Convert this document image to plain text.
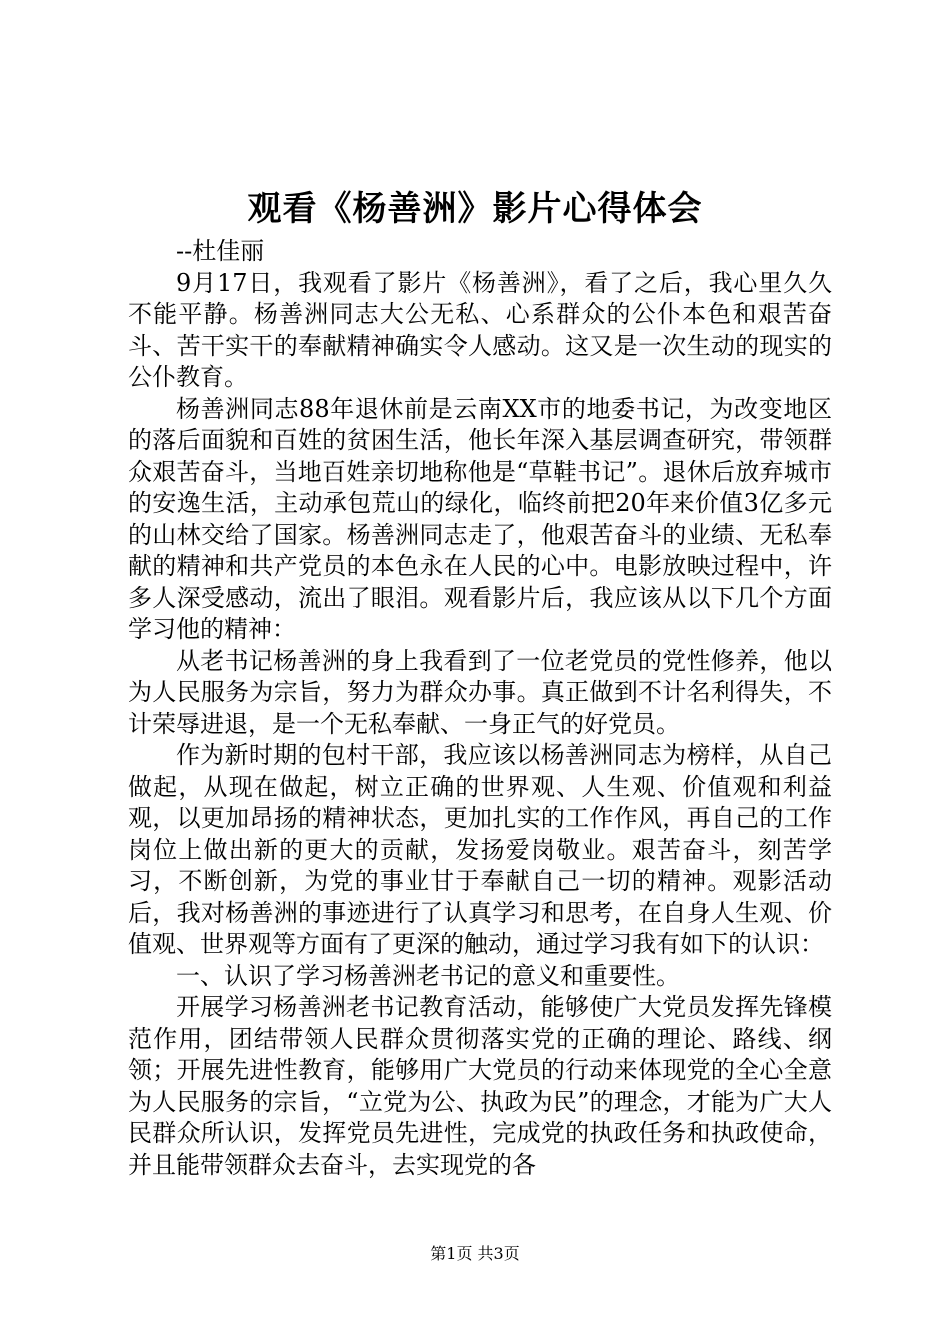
观看《杨善洲》影片心得体会

--杜佳丽

9月17日，我观看了影片《杨善洲》，看了之后，我心里久久不能平静。杨善洲同志大公无私、心系群众的公仆本色和艰苦奋斗、苦干实干的奉献精神确实令人感动。这又是一次生动的现实的公仆教育。

杨善洲同志88年退休前是云南XX市的地委书记，为改变地区的落后面貌和百姓的贫困生活，他长年深入基层调查研究，带领群众艰苦奋斗，当地百姓亲切地称他是“草鞋书记”。退休后放弃城市的安逸生活，主动承包荒山的绿化，临终前把20年来价值3亿多元的山林交给了国家。杨善洲同志走了，他艰苦奋斗的业绩、无私奉献的精神和共产党员的本色永在人民的心中。电影放映过程中，许多人深受感动，流出了眼泪。观看影片后，我应该从以下几个方面学习他的精神：

从老书记杨善洲的身上我看到了一位老党员的党性修养，他以为人民服务为宗旨，努力为群众办事。真正做到不计名利得失，不计荣辱进退，是一个无私奉献、一身正气的好党员。

作为新时期的包村干部，我应该以杨善洲同志为榜样，从自己做起，从现在做起，树立正确的世界观、人生观、价值观和利益观，以更加昂扬的精神状态，更加扎实的工作作风，再自己的工作岗位上做出新的更大的贡献，发扬爱岗敬业。艰苦奋斗，刻苦学习，不断创新，为党的事业甘于奉献自己一切的精神。观影活动后，我对杨善洲的事迹进行了认真学习和思考，在自身人生观、价值观、世界观等方面有了更深的触动，通过学习我有如下的认识：

一、认识了学习杨善洲老书记的意义和重要性。

开展学习杨善洲老书记教育活动，能够使广大党员发挥先锋模范作用，团结带领人民群众贯彻落实党的正确的理论、路线、纲领；开展先进性教育，能够用广大党员的行动来体现党的全心全意为人民服务的宗旨，“立党为公、执政为民”的理念，才能为广大人民群众所认识，发挥党员先进性，完成党的执政任务和执政使命，并且能带领群众去奋斗，去实现党的各

第1页 共3页
